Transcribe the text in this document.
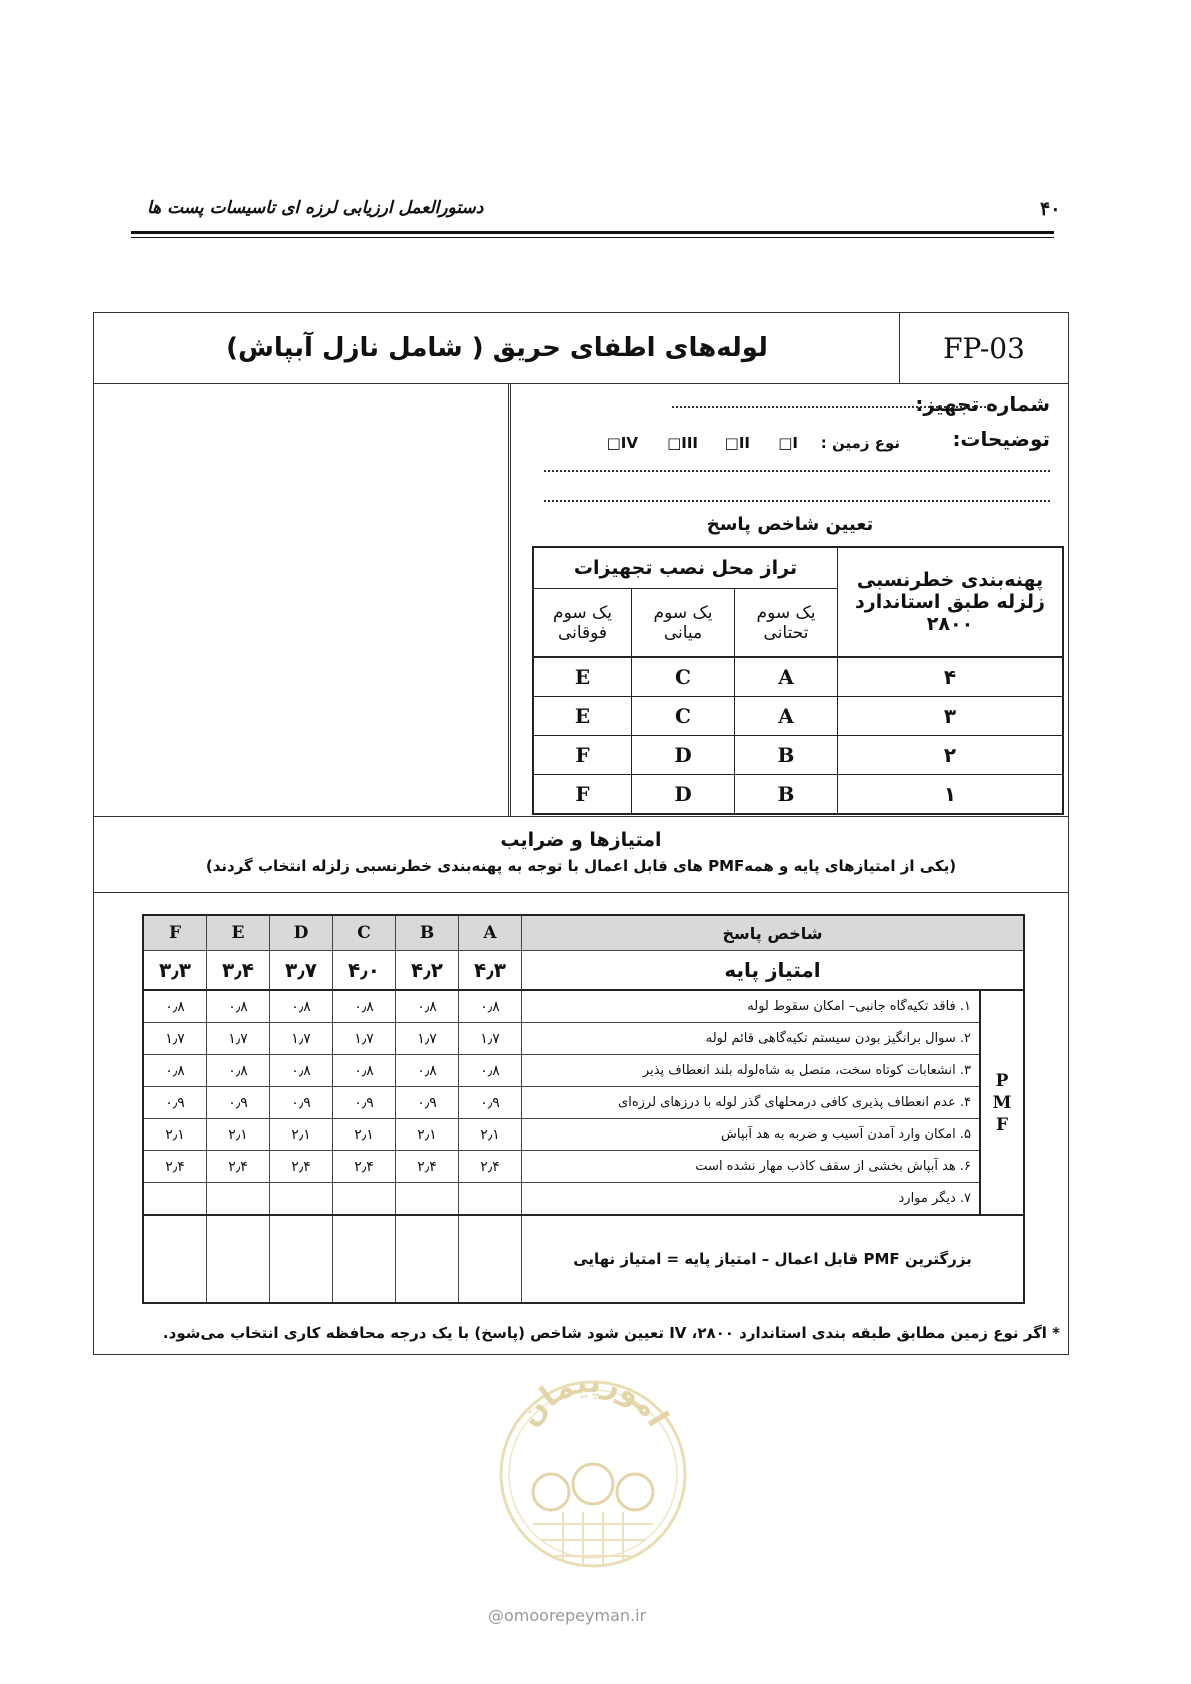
۴۰
دستورالعمل ارزیابی لرزه ای تاسیسات پست ها
لوله‌های اطفای حریق ( شامل نازل آبپاش)	FP-03
شماره تجهیز:
توضیحات:
نوع زمین :
I□
II□
III□
IV□
تعیین شاخص پاسخ
پهنه‌بندی خطرنسبی زلزله طبق استاندارد ۲۸۰۰	تراز محل نصب تجهیزات		
	یک سوم تحتانی	یک سوم میانی	یک سوم فوقانی
۴	A	C	E
۳	A	C	E
۲	B	D	F
۱	B	D	F
امتیازها و ضرایب
(یکی از امتیازهای پایه و همهPMF های قابل اعمال با توجه به پهنه‌بندی خطرنسبی زلزله انتخاب گردند)
شاخص پاسخ		A	B	C	D	E	F
امتیاز پایه		۴٫۳	۴٫۲	۴٫۰	۳٫۷	۳٫۴	۳٫۳
P
M
F	۱. فاقد تکیه‌گاه جانبی– امکان سقوط لوله	۰٫۸	۰٫۸	۰٫۸	۰٫۸	۰٫۸	۰٫۸
	۲. سوال برانگیز بودن سیستم تکیه‌گاهی قائم لوله	۱٫۷	۱٫۷	۱٫۷	۱٫۷	۱٫۷	۱٫۷
	۳. انشعابات کوتاه سخت، متصل به شاه‌لوله بلند انعطاف پذیر	۰٫۸	۰٫۸	۰٫۸	۰٫۸	۰٫۸	۰٫۸
	۴. عدم انعطاف پذیری کافی درمحلهای گذر لوله با درزهای لرزه‌ای	۰٫۹	۰٫۹	۰٫۹	۰٫۹	۰٫۹	۰٫۹
	۵. امکان وارد آمدن آسیب و ضربه به هد آبپاش	۲٫۱	۲٫۱	۲٫۱	۲٫۱	۲٫۱	۲٫۱
	۶. هد آبپاش بخشی از سقف کاذب مهار نشده است	۲٫۴	۲٫۴	۲٫۴	۲٫۴	۲٫۴	۲٫۴
	۷. دیگر موارد						
بزرگترین PMF قابل اعمال – امتیاز پایه = امتیاز نهایی							
* اگر نوع زمین مطابق طبقه بندی استاندارد ۲۸۰۰، IV تعیین شود شاخص (پاسخ) با یک درجه محافظه کاری انتخاب می‌شود.
امورپیمان
@omoorepeyman.ir
